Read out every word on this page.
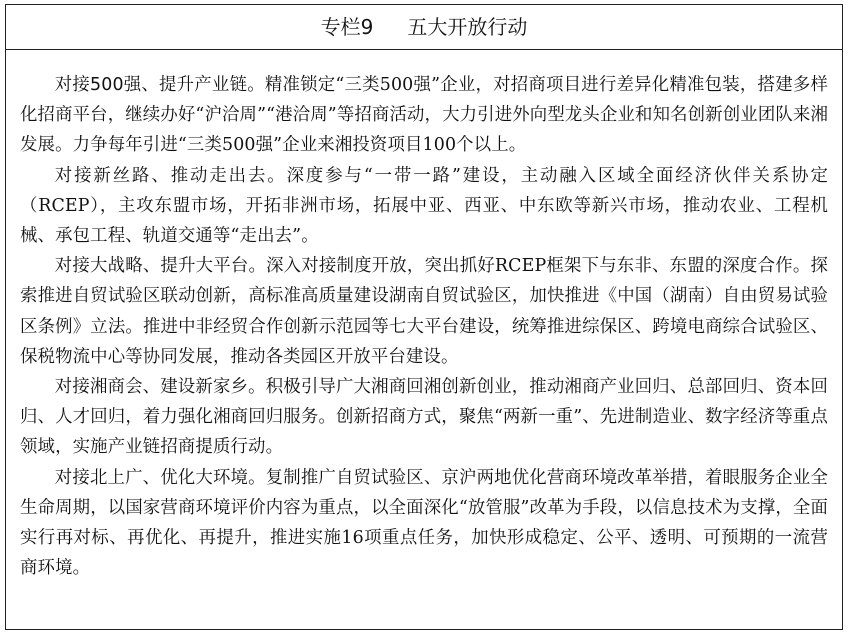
专栏9 五大开放行动

对接500强、提升产业链。精准锁定“三类500强”企业，对招商项目进行差异化精准包装，搭建多样化招商平台，继续办好“沪洽周”“港洽周”等招商活动，大力引进外向型龙头企业和知名创新创业团队来湘发展。力争每年引进“三类500强”企业来湘投资项目100个以上。

对接新丝路、推动走出去。深度参与“一带一路”建设，主动融入区域全面经济伙伴关系协定（RCEP），主攻东盟市场，开拓非洲市场，拓展中亚、西亚、中东欧等新兴市场，推动农业、工程机械、承包工程、轨道交通等“走出去”。

对接大战略、提升大平台。深入对接制度开放，突出抓好RCEP框架下与东非、东盟的深度合作。探索推进自贸试验区联动创新，高标准高质量建设湖南自贸试验区，加快推进《中国（湖南）自由贸易试验区条例》立法。推进中非经贸合作创新示范园等七大平台建设，统筹推进综保区、跨境电商综合试验区、保税物流中心等协同发展，推动各类园区开放平台建设。

对接湘商会、建设新家乡。积极引导广大湘商回湘创新创业，推动湘商产业回归、总部回归、资本回归、人才回归，着力强化湘商回归服务。创新招商方式，聚焦“两新一重”、先进制造业、数字经济等重点领域，实施产业链招商提质行动。

对接北上广、优化大环境。复制推广自贸试验区、京沪两地优化营商环境改革举措，着眼服务企业全生命周期，以国家营商环境评价内容为重点，以全面深化“放管服”改革为手段，以信息技术为支撑，全面实行再对标、再优化、再提升，推进实施16项重点任务，加快形成稳定、公平、透明、可预期的一流营商环境。
